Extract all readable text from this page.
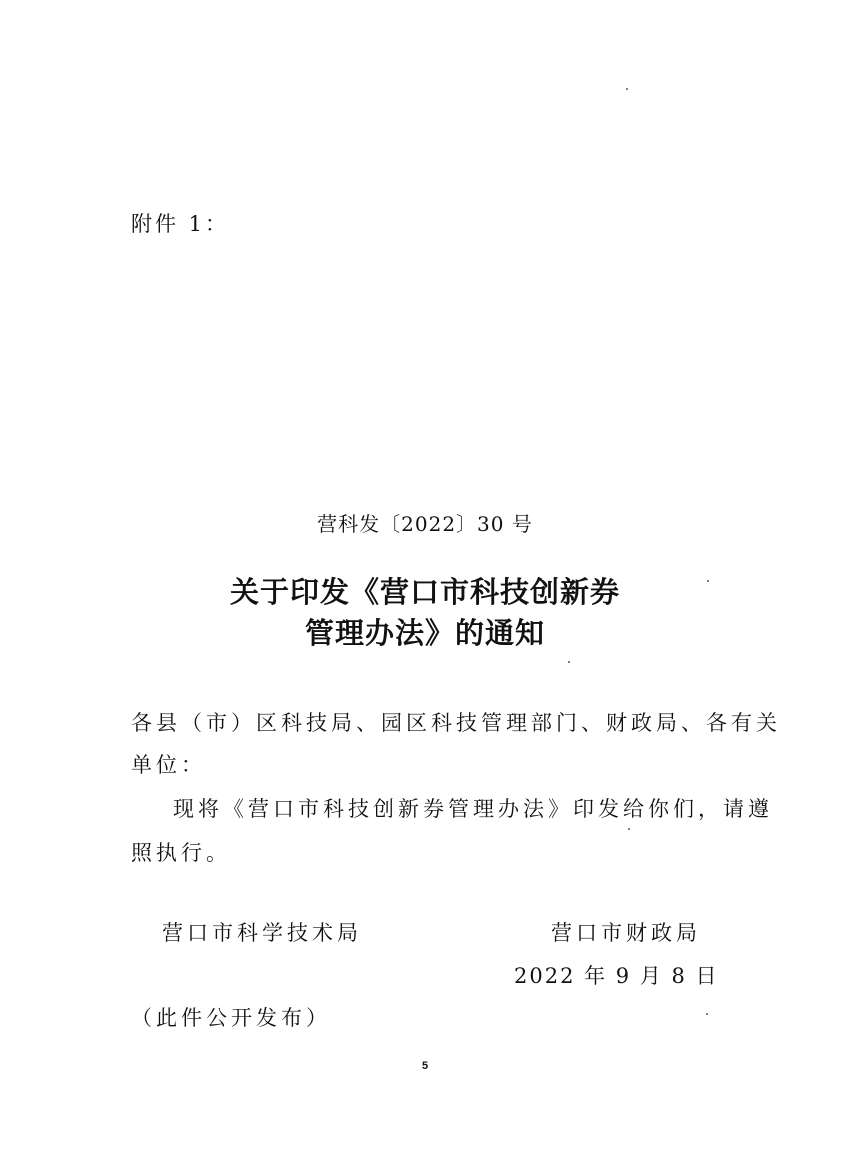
附件 1：
营科发〔2022〕30 号
关于印发《营口市科技创新券
管理办法》的通知
各县（市）区科技局、园区科技管理部门、财政局、各有关
单位：
现将《营口市科技创新券管理办法》印发给你们，请遵
照执行。
营口市科学技术局	营口市财政局
2022 年 9 月 8 日
（此件公开发布）
5
